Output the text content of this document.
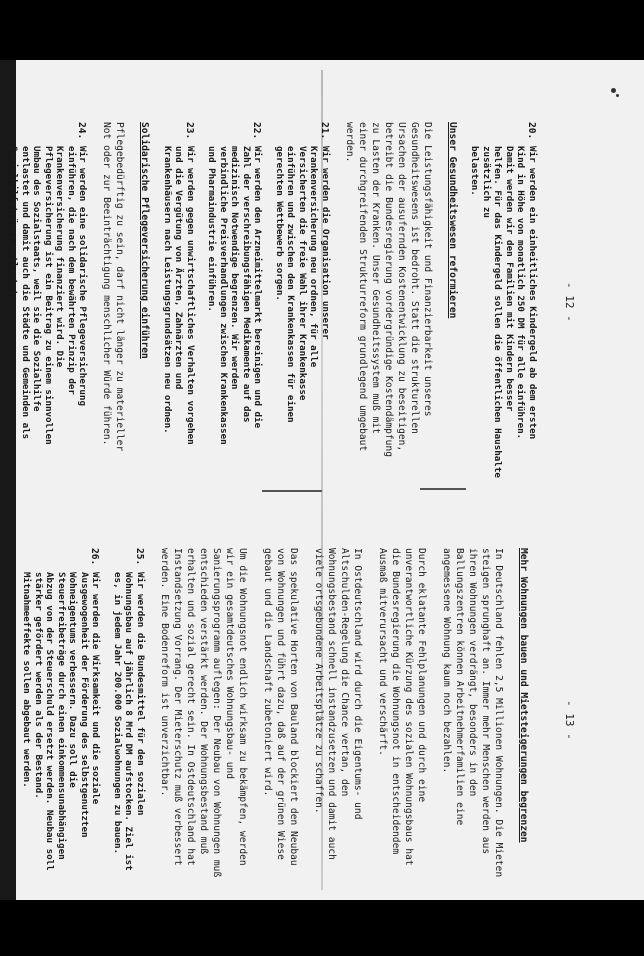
- 12 -
20.
Wir werden ein einheitliches Kindergeld ab dem ersten
Kind in Höhe von monatlich 250 DM für alle einführen.
Damit werden wir den Familien mit Kindern besser
helfen. Für das Kindergeld sollen die öffentlichen Haushalte zusätzlich zu
belasten.
Unser Gesundheitswesen reformieren
Die Leistungsfähigkeit und Finanzierbarkeit unseres
Gesundheitswesens ist bedroht. Statt die strukturellen
Ursachen der ausufernden Kostenentwicklung zu beseitigen,
betreibt die Bundesregierung vordergründige Kostendämpfung
zu Lasten der Kranken. Unser Gesundheitssystem muß mit
einer durchgreifenden Strukturreform grundlegend umgebaut
werden.
21.
Wir werden die Organisation unserer
Krankenversicherung neu ordnen, für alle
Versicherten die freie Wahl ihrer Krankenkasse
einführen und zwischen den Krankenkassen für einen
gerechten Wettbewerb sorgen.
22.
Wir werden den Arzneimittelmarkt bereinigen und die
Zahl der verschreibungsfähigen Medikamente auf das
medizinisch Notwendige begrenzen. Wir werden
verbindliche Preisverhandlungen zwischen Krankenkassen
und Pharmaindustrie einführen.
23.
Wir werden gegen unwirtschaftliches Verhalten vorgehen
und die Vergütung von Ärzten, Zahnärzten und
Krankenhäusern nach Leistungsgrundsätzen neu ordnen.
Solidarische Pflegeversicherung einführen
Pflegebedürftig zu sein, darf nicht länger zu materieller
Not oder zur Beeinträchtigung menschlicher Würde führen.
24.
Wir werden eine solidarische Pflegeversicherung
einführen, die nach dem bewährten Prinzip der
Krankenversicherung finanziert wird. Die
Pflegeversicherung ist ein Beitrag zu einem sinnvollen
Umbau des Sozialstaats, weil sie die Sozialhilfe
entlastet und damit auch die Städte und Gemeinden als
Sozialhilfeträger entlastet.
- 13 -
Mehr Wohnungen bauen und Mietsteigerungen begrenzen
In Deutschland fehlen 2,5 Millionen Wohnungen. Die Mieten
steigen sprunghaft an. Immer mehr Menschen werden aus
ihren Wohnungen verdrängt, besonders in den
Ballungszentren können Arbeitnehmerfamilien eine
angemessene Wohnung kaum noch bezahlen.
Durch eklatante Fehlplanungen und durch eine
unverantwortliche Kürzung des sozialen Wohnungsbaus hat
die Bundesregierung die Wohnungsnot in entscheidendem
Ausmaß mitverursacht und verschärft.
In Ostdeutschland wird durch die Eigentums- und
Altschulden-Regelung die Chance vertan, den
Wohnungsbestand schnell instandzusetzen und damit auch
viele ortsgebundene Arbeitsplätze zu schaffen.
Das spekulative Horten von Bauland blockiert den Neubau
von Wohnungen und führt dazu, daß auf der grünen Wiese
gebaut und die Landschaft zubetoniert wird.
Um die Wohnungsnot endlich wirksam zu bekämpfen, werden
wir ein gesamtdeutsches Wohnungsbau- und
Sanierungsprogramm auflegen: Der Neubau von Wohnungen muß
entschieden verstärkt werden. Der Wohnungsbestand muß
erhalten und sozial gerecht sein. In Ostdeutschland hat
Instandsetzung Vorrang. Der Mieterschutz muß verbessert
werden. Eine Bodenreform ist unverzichtbar.
25.
Wir werden die Bundesmittel für den sozialen
Wohnungsbau auf jährlich 8 Mrd DM aufstocken. Ziel ist
es, in jedem Jahr 200.000 Sozialwohnungen zu bauen.
26.
Wir werden die Wirksamkeit und die soziale
Ausgewogenheit der Förderung des selbstgenutzten
Wohneigentums verbessern. Dazu soll die
Steuerfreibeträge durch einen einkommensunabhängigen
Abzug von der Steuerschuld ersetzt werden. Neubau soll
stärker gefördert werden als der Bestand.
Mitnahmeeffekte sollen abgebaut werden.
